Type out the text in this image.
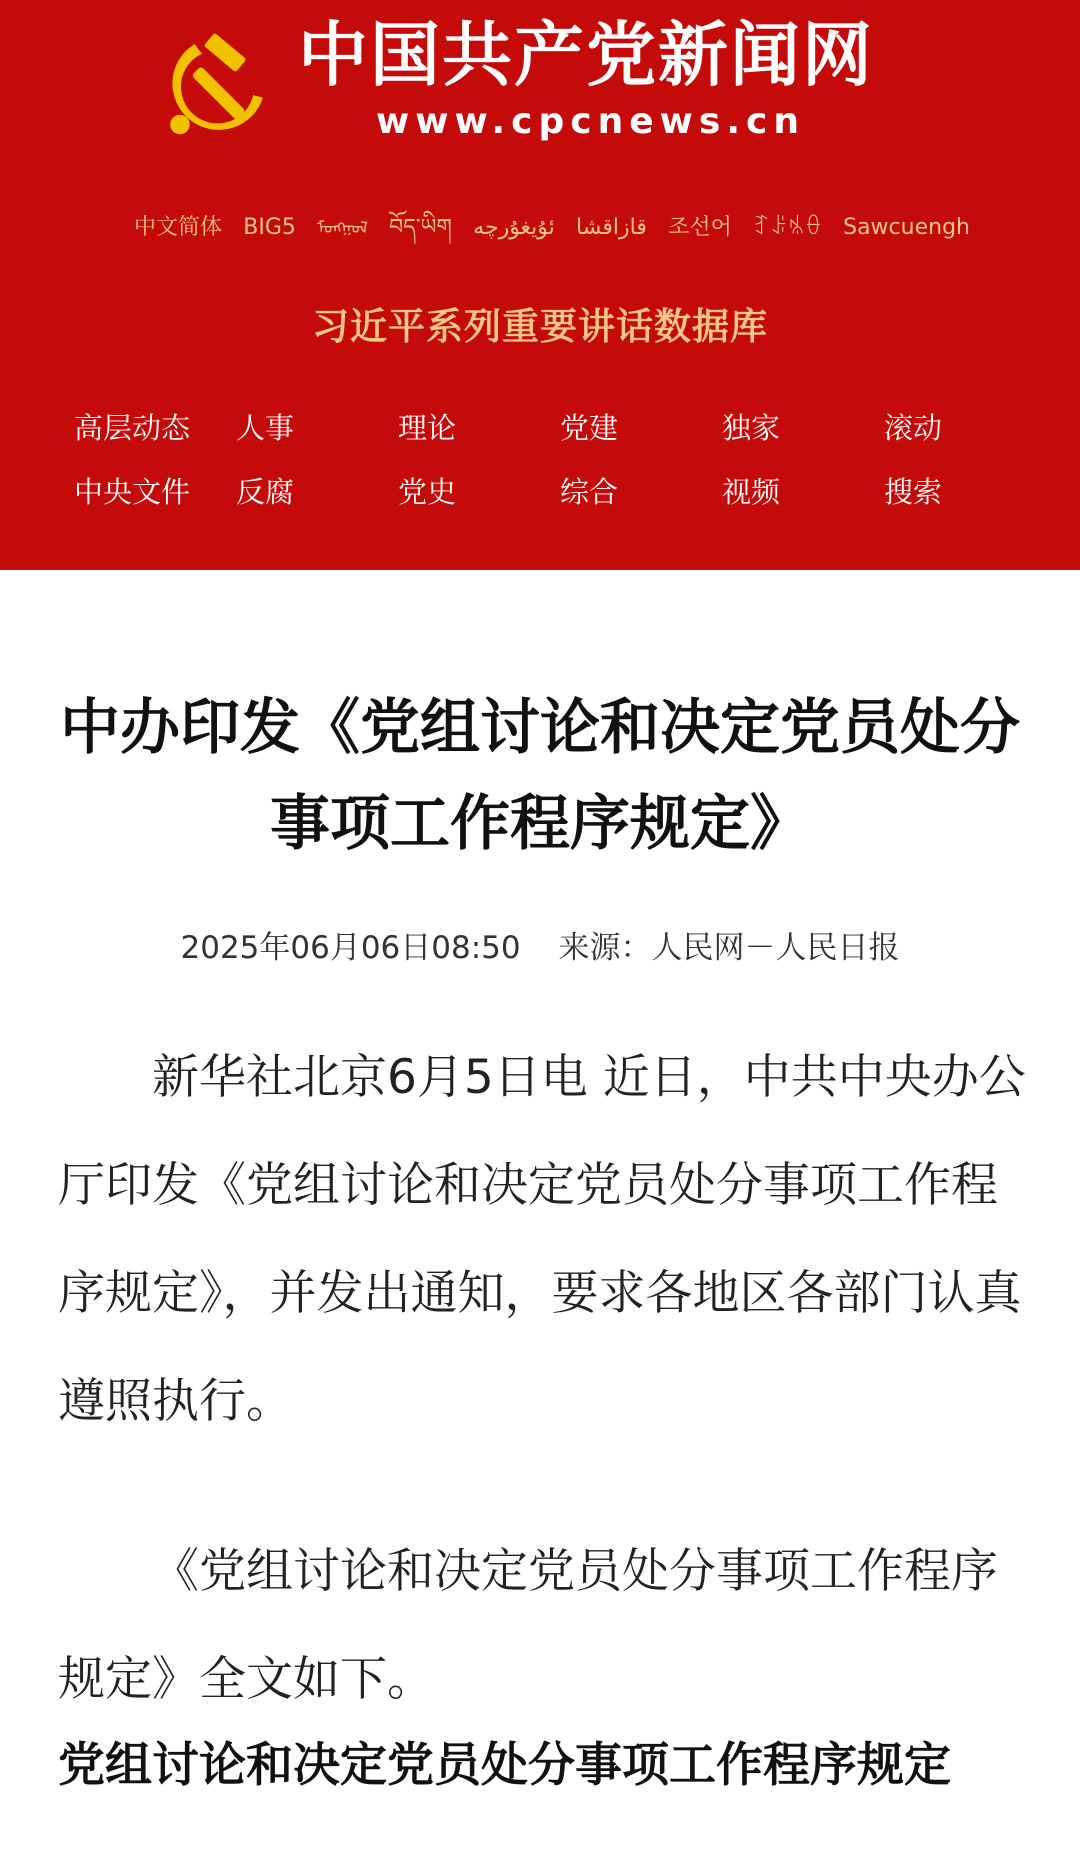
中国共产党新闻网
www.cpcnews.cn
中文简体 BIG5 ᠮᠣᠩᠭᠣᠯ བོད་ཡིག ئۇيغۇرچە قازاقشا 조선어 ꆈꌠꁱꂷ Sawcuengh
习近平系列重要讲话数据库
高层动态	人事	理论	党建	独家	滚动
中央文件	反腐	党史	综合	视频	搜索
中办印发《党组讨论和决定党员处分事项工作程序规定》
2025年06月06日08:50 来源：人民网－人民日报

新华社北京6月5日电 近日，中共中央办公厅印发《党组讨论和决定党员处分事项工作程序规定》，并发出通知，要求各地区各部门认真遵照执行。

《党组讨论和决定党员处分事项工作程序规定》全文如下。

党组讨论和决定党员处分事项工作程序规定
